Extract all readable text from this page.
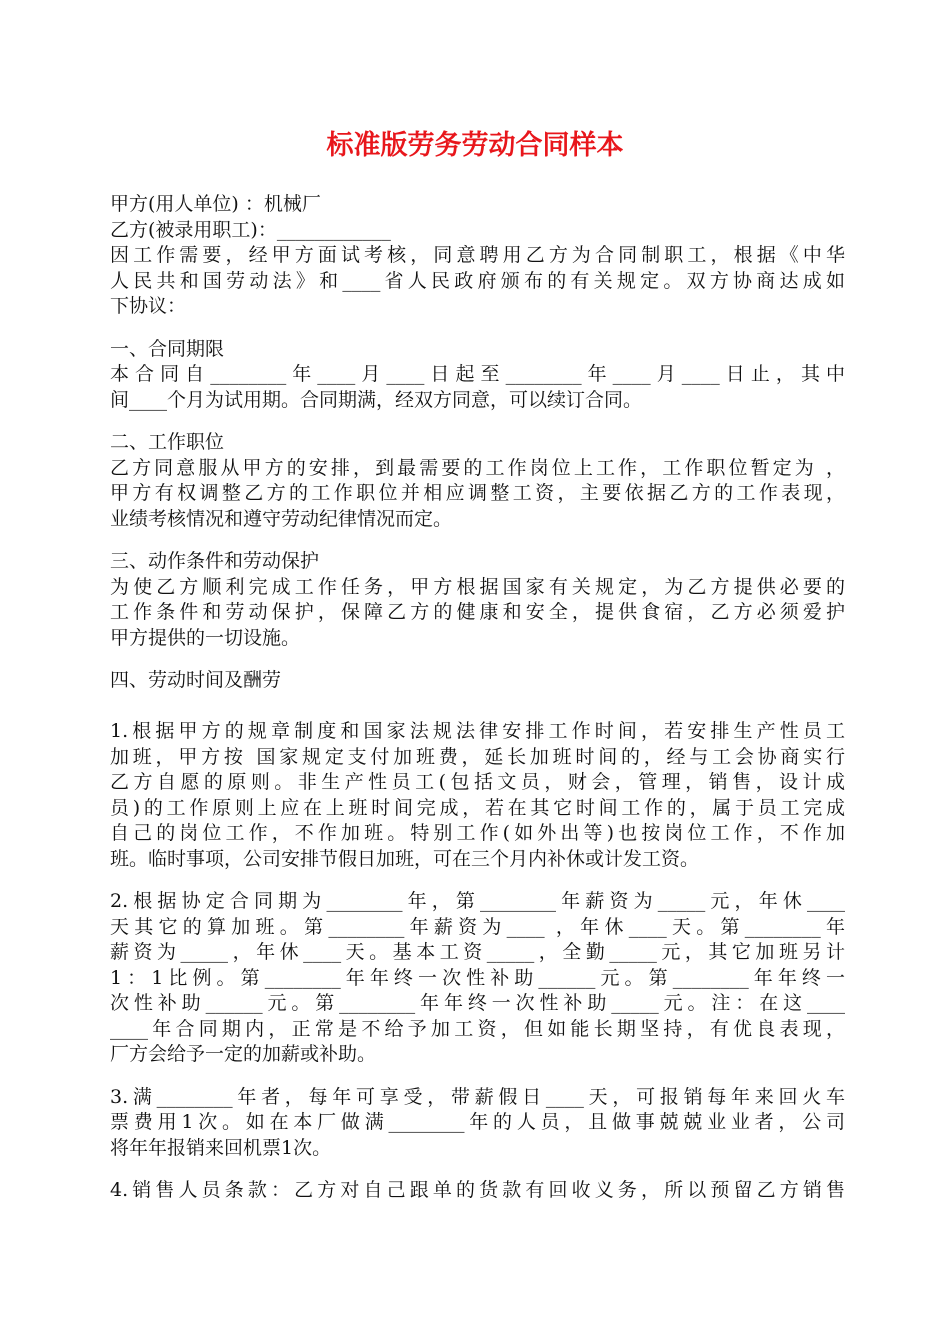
标准版劳务劳动合同样本
甲方(用人单位) ：机械厂
乙方(被录用职工)：____________
因工作需要，经甲方面试考核，同意聘用乙方为合同制职工，根据《中华
人民共和国劳动法》和____省人民政府颁布的有关规定。双方协商达成如
下协议：
一、合同期限
本合同自________年____月____日起至________年____月____日止，其中
间____个月为试用期。合同期满，经双方同意，可以续订合同。
二、工作职位
乙方同意服从甲方的安排，到最需要的工作岗位上工作，工作职位暂定为 ，
甲方有权调整乙方的工作职位并相应调整工资，主要依据乙方的工作表现，
业绩考核情况和遵守劳动纪律情况而定。
三、动作条件和劳动保护
为使乙方顺利完成工作任务，甲方根据国家有关规定，为乙方提供必要的
工作条件和劳动保护，保障乙方的健康和安全，提供食宿，乙方必须爱护
甲方提供的一切设施。
四、劳动时间及酬劳
1.根据甲方的规章制度和国家法规法律安排工作时间，若安排生产性员工
加班，甲方按 国家规定支付加班费，延长加班时间的，经与工会协商实行
乙方自愿的原则。非生产性员工(包括文员，财会，管理，销售，设计成
员)的工作原则上应在上班时间完成，若在其它时间工作的，属于员工完成
自己的岗位工作，不作加班。特别工作(如外出等)也按岗位工作，不作加
班。临时事项，公司安排节假日加班，可在三个月内补休或计发工资。
2.根据协定合同期为________年，第________年薪资为_____元，年休____
天其它的算加班。第________年薪资为____ ，年休____天。第________年
薪资为_____，年休____天。基本工资_____，全勤_____元，其它加班另计
1：1比例。第________年年终一次性补助______元。第________年年终一
次性补助______元。第________年年终一次性补助_____元。注：在这____
____年合同期内，正常是不给予加工资，但如能长期坚持，有优良表现，
厂方会给予一定的加薪或补助。
3.满________年者，每年可享受，带薪假日____天，可报销每年来回火车
票费用1次。如在本厂做满________年的人员，且做事兢兢业业者，公司
将年年报销来回机票1次。
4.销售人员条款：乙方对自己跟单的货款有回收义务，所以预留乙方销售
